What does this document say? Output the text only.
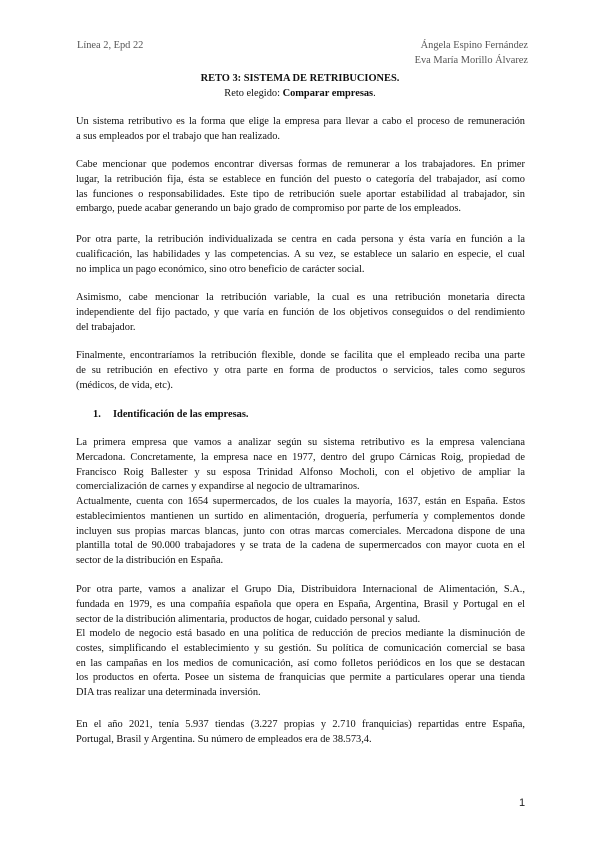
Línea 2, Epd 22	Ángela Espino Fernández
Eva María Morillo Álvarez
RETO 3: SISTEMA DE RETRIBUCIONES.
Reto elegido: Comparar empresas.
1. Identificación de las empresas.
1
Un sistema retributivo es la forma que elige la empresa para llevar a cabo el proceso de remuneración
a sus empleados por el trabajo que han realizado.
Cabe mencionar que podemos encontrar diversas formas de remunerar a los trabajadores. En primer
lugar, la retribución fija, ésta se establece en función del puesto o categoría del trabajador, así como
las funciones o responsabilidades. Este tipo de retribución suele aportar estabilidad al trabajador, sin
embargo, puede acabar generando un bajo grado de compromiso por parte de los empleados.
Por otra parte, la retribución individualizada se centra en cada persona y ésta varía en función a la
cualificación, las habilidades y las competencias. A su vez, se establece un salario en especie, el cual
no implica un pago económico, sino otro beneficio de carácter social.
Asimismo, cabe mencionar la retribución variable, la cual es una retribución monetaria directa
independiente del fijo pactado, y que varía en función de los objetivos conseguidos o del rendimiento
del trabajador.
Finalmente, encontraríamos la retribución flexible, donde se facilita que el empleado reciba una parte
de su retribución en efectivo y otra parte en forma de productos o servicios, tales como seguros
(médicos, de vida, etc).
La primera empresa que vamos a analizar según su sistema retributivo es la empresa valenciana
Mercadona. Concretamente, la empresa nace en 1977, dentro del grupo Cárnicas Roig, propiedad de
Francisco Roig Ballester y su esposa Trinidad Alfonso Mocholi, con el objetivo de ampliar la
comercialización de carnes y expandirse al negocio de ultramarinos.
Actualmente, cuenta con 1654 supermercados, de los cuales la mayoría, 1637, están en España. Estos
establecimientos mantienen un surtido en alimentación, droguería, perfumería y complementos donde
incluyen sus propias marcas blancas, junto con otras marcas comerciales. Mercadona dispone de una
plantilla total de 90.000 trabajadores y se trata de la cadena de supermercados con mayor cuota en el
sector de la distribución en España.
Por otra parte, vamos a analizar el Grupo Dia, Distribuidora Internacional de Alimentación, S.A.,
fundada en 1979, es una compañía española que opera en España, Argentina, Brasil y Portugal en el
sector de la distribución alimentaria, productos de hogar, cuidado personal y salud.
El modelo de negocio está basado en una política de reducción de precios mediante la disminución de
costes, simplificando el establecimiento y su gestión. Su política de comunicación comercial se basa
en las campañas en los medios de comunicación, así como folletos periódicos en los que se destacan
los productos en oferta. Posee un sistema de franquicias que permite a particulares operar una tienda
DIA tras realizar una determinada inversión.
En el año 2021, tenía 5.937 tiendas (3.227 propias y 2.710 franquicias) repartidas entre España,
Portugal, Brasil y Argentina. Su número de empleados era de 38.573,4.
